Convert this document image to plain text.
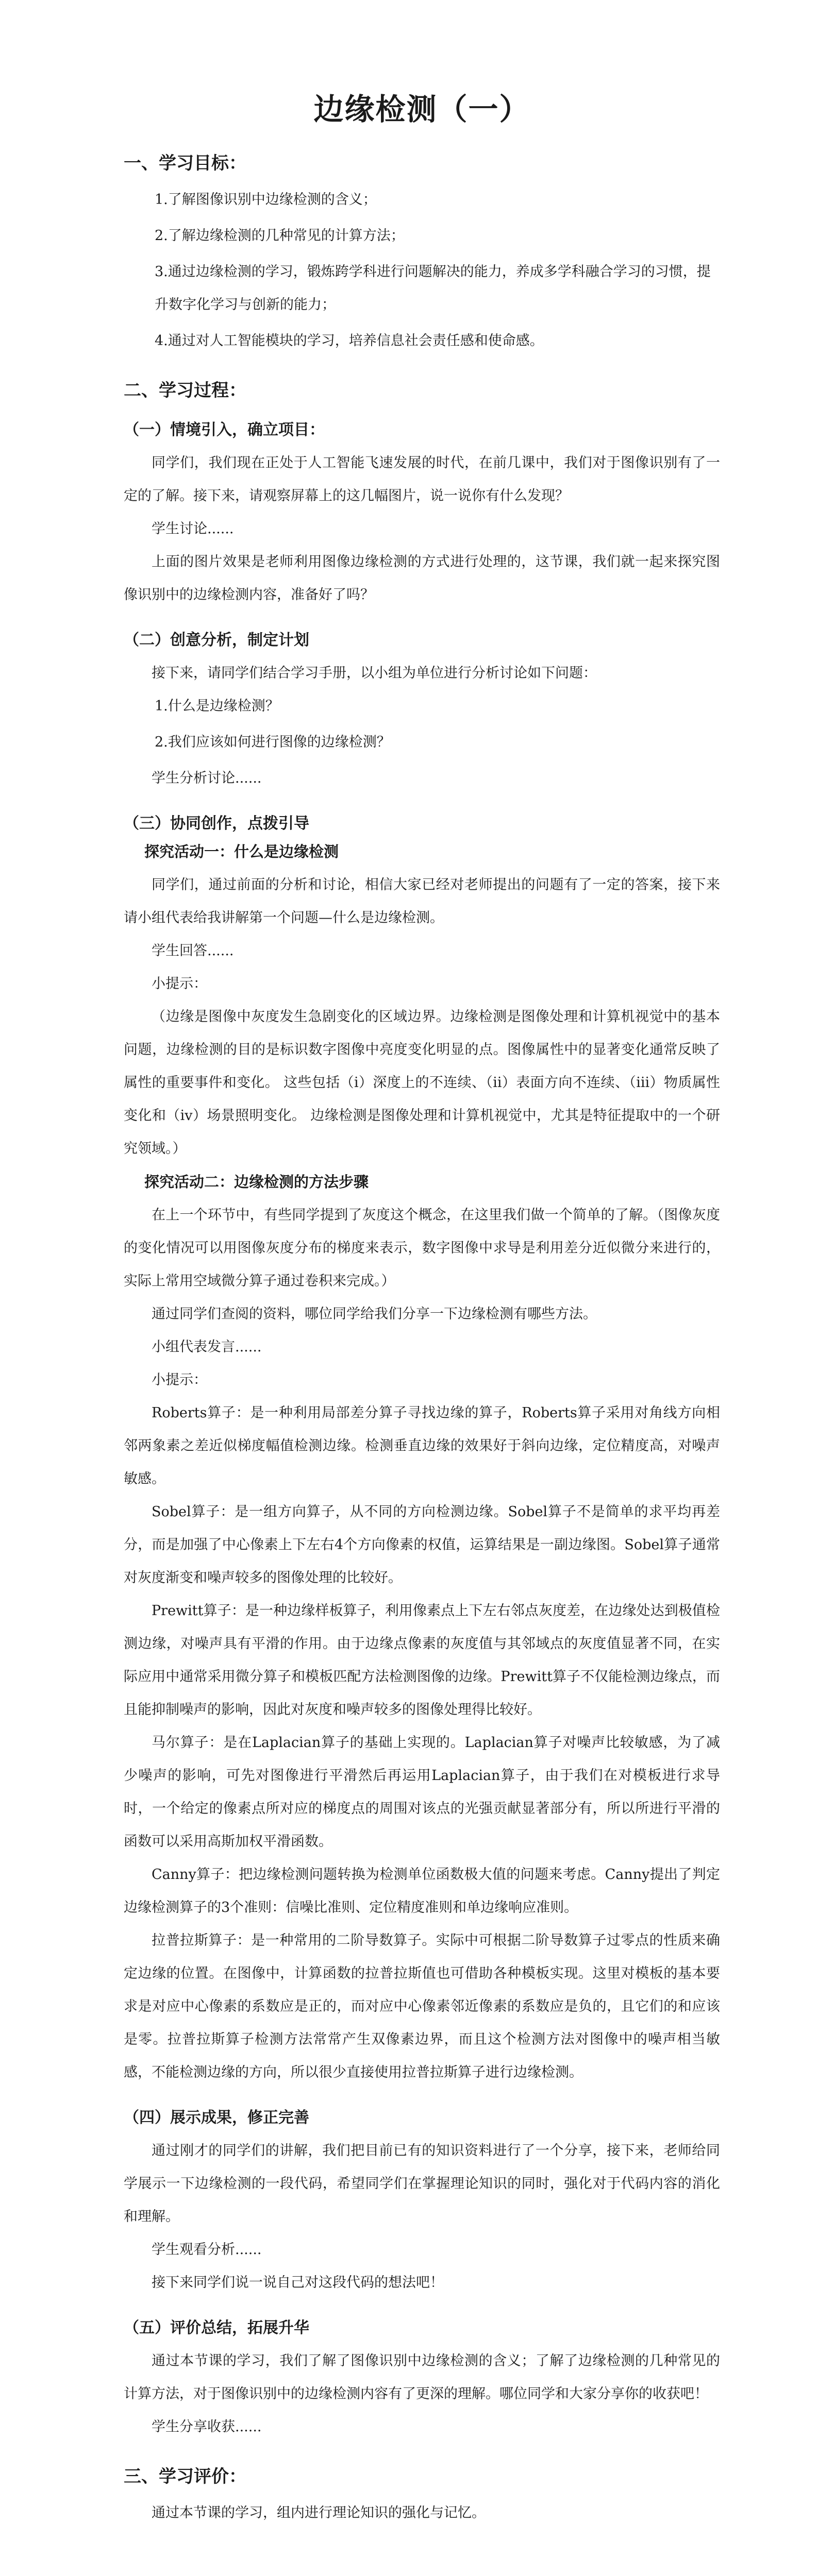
边缘检测（一）
一、学习目标：
1.了解图像识别中边缘检测的含义；
2.了解边缘检测的几种常见的计算方法；
3.通过边缘检测的学习，锻炼跨学科进行问题解决的能力，养成多学科融合学习的习惯，提升数字化学习与创新的能力；
4.通过对人工智能模块的学习，培养信息社会责任感和使命感。
二、学习过程：
（一）情境引入，确立项目：

同学们，我们现在正处于人工智能飞速发展的时代，在前几课中，我们对于图像识别有了一定的了解。接下来，请观察屏幕上的这几幅图片，说一说你有什么发现？

学生讨论......

上面的图片效果是老师利用图像边缘检测的方式进行处理的，这节课，我们就一起来探究图像识别中的边缘检测内容，准备好了吗？

（二）创意分析，制定计划

接下来，请同学们结合学习手册，以小组为单位进行分析讨论如下问题：

1.什么是边缘检测？
2.我们应该如何进行图像的边缘检测？

学生分析讨论......

（三）协同创作，点拨引导
探究活动一：什么是边缘检测

同学们，通过前面的分析和讨论，相信大家已经对老师提出的问题有了一定的答案，接下来请小组代表给我讲解第一个问题—什么是边缘检测。

学生回答......

小提示：

（边缘是图像中灰度发生急剧变化的区域边界。边缘检测是图像处理和计算机视觉中的基本问题，边缘检测的目的是标识数字图像中亮度变化明显的点。图像属性中的显著变化通常反映了属性的重要事件和变化。 这些包括（i）深度上的不连续、（ii）表面方向不连续、（iii）物质属性变化和（iv）场景照明变化。 边缘检测是图像处理和计算机视觉中，尤其是特征提取中的一个研究领域。）

探究活动二：边缘检测的方法步骤

在上一个环节中，有些同学提到了灰度这个概念，在这里我们做一个简单的了解。（图像灰度的变化情况可以用图像灰度分布的梯度来表示，数字图像中求导是利用差分近似微分来进行的，实际上常用空域微分算子通过卷积来完成。）

通过同学们查阅的资料，哪位同学给我们分享一下边缘检测有哪些方法。

小组代表发言......

小提示：

Roberts算子：是一种利用局部差分算子寻找边缘的算子，Roberts算子采用对角线方向相邻两象素之差近似梯度幅值检测边缘。检测垂直边缘的效果好于斜向边缘，定位精度高，对噪声敏感。

Sobel算子：是一组方向算子，从不同的方向检测边缘。Sobel算子不是简单的求平均再差分，而是加强了中心像素上下左右4个方向像素的权值，运算结果是一副边缘图。Sobel算子通常对灰度渐变和噪声较多的图像处理的比较好。

Prewitt算子：是一种边缘样板算子，利用像素点上下左右邻点灰度差，在边缘处达到极值检测边缘，对噪声具有平滑的作用。由于边缘点像素的灰度值与其邻域点的灰度值显著不同，在实际应用中通常采用微分算子和模板匹配方法检测图像的边缘。Prewitt算子不仅能检测边缘点，而且能抑制噪声的影响，因此对灰度和噪声较多的图像处理得比较好。

马尔算子：是在Laplacian算子的基础上实现的。Laplacian算子对噪声比较敏感，为了减少噪声的影响，可先对图像进行平滑然后再运用Laplacian算子，由于我们在对模板进行求导时，一个给定的像素点所对应的梯度点的周围对该点的光强贡献显著部分有，所以所进行平滑的函数可以采用高斯加权平滑函数。

Canny算子：把边缘检测问题转换为检测单位函数极大值的问题来考虑。Canny提出了判定边缘检测算子的3个准则：信噪比准则、定位精度准则和单边缘响应准则。

拉普拉斯算子：是一种常用的二阶导数算子。实际中可根据二阶导数算子过零点的性质来确定边缘的位置。在图像中，计算函数的拉普拉斯值也可借助各种模板实现。这里对模板的基本要求是对应中心像素的系数应是正的，而对应中心像素邻近像素的系数应是负的，且它们的和应该是零。拉普拉斯算子检测方法常常产生双像素边界，而且这个检测方法对图像中的噪声相当敏感，不能检测边缘的方向，所以很少直接使用拉普拉斯算子进行边缘检测。

（四）展示成果，修正完善

通过刚才的同学们的讲解，我们把目前已有的知识资料进行了一个分享，接下来，老师给同学展示一下边缘检测的一段代码，希望同学们在掌握理论知识的同时，强化对于代码内容的消化和理解。

学生观看分析......

接下来同学们说一说自己对这段代码的想法吧！

（五）评价总结，拓展升华

通过本节课的学习，我们了解了图像识别中边缘检测的含义；了解了边缘检测的几种常见的计算方法，对于图像识别中的边缘检测内容有了更深的理解。哪位同学和大家分享你的收获吧！

学生分享收获......

三、学习评价：

通过本节课的学习，组内进行理论知识的强化与记忆。
